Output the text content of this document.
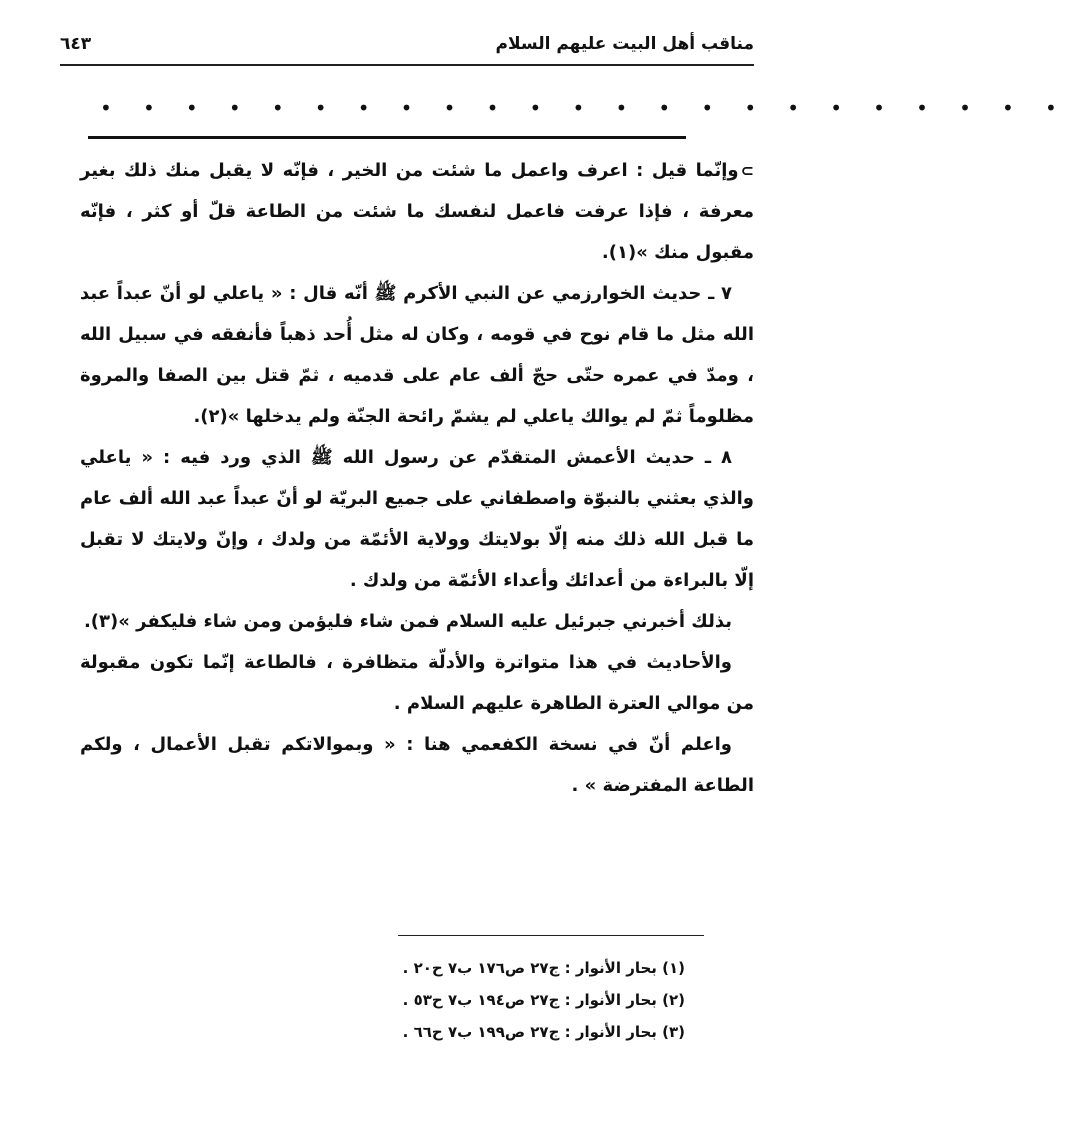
مناقب أهل البيت عليهم السلام
٦٤٣
• • • • • • • • • • • • • • • • • • • • • • •

⊃وإنّما قيل : اعرف واعمل ما شئت من الخير ، فإنّه لا يقبل منك ذلك بغير معرفة ، فإذا عرفت فاعمل لنفسك ما شئت من الطاعة قلّ أو كثر ، فإنّه مقبول منك »(١).

٧ ـ حديث الخوارزمي عن النبي الأكرم ﷺ أنّه قال : « ياعلي لو أنّ عبداً عبد الله مثل ما قام نوح في قومه ، وكان له مثل أُحد ذهباً فأنفقه في سبيل الله ، ومدّ في عمره حتّى حجّ ألف عام على قدميه ، ثمّ قتل بين الصفا والمروة مظلوماً ثمّ لم يوالك ياعلي لم يشمّ رائحة الجنّة ولم يدخلها »(٢).

٨ ـ حديث الأعمش المتقدّم عن رسول الله ﷺ الذي ورد فيه : « ياعلي والذي بعثني بالنبوّة واصطفاني على جميع البريّة لو أنّ عبداً عبد الله ألف عام ما قبل الله ذلك منه إلّا بولايتك وولاية الأئمّة من ولدك ، وإنّ ولايتك لا تقبل إلّا بالبراءة من أعدائك وأعداء الأئمّة من ولدك .

بذلك أخبرني جبرئيل عليه السلام فمن شاء فليؤمن ومن شاء فليكفر »(٣).

والأحاديث في هذا متواترة والأدلّة متظافرة ، فالطاعة إنّما تكون مقبولة من موالي العترة الطاهرة عليهم السلام .

واعلم أنّ في نسخة الكفعمي هنا : « وبموالاتكم تقبل الأعمال ، ولكم الطاعة المفترضة » .

(١) بحار الأنوار : ج٢٧ ص١٧٦ ب٧ ح٢٠ .

(٢) بحار الأنوار : ج٢٧ ص١٩٤ ب٧ ح٥٣ .

(٣) بحار الأنوار : ج٢٧ ص١٩٩ ب٧ ح٦٦ .
